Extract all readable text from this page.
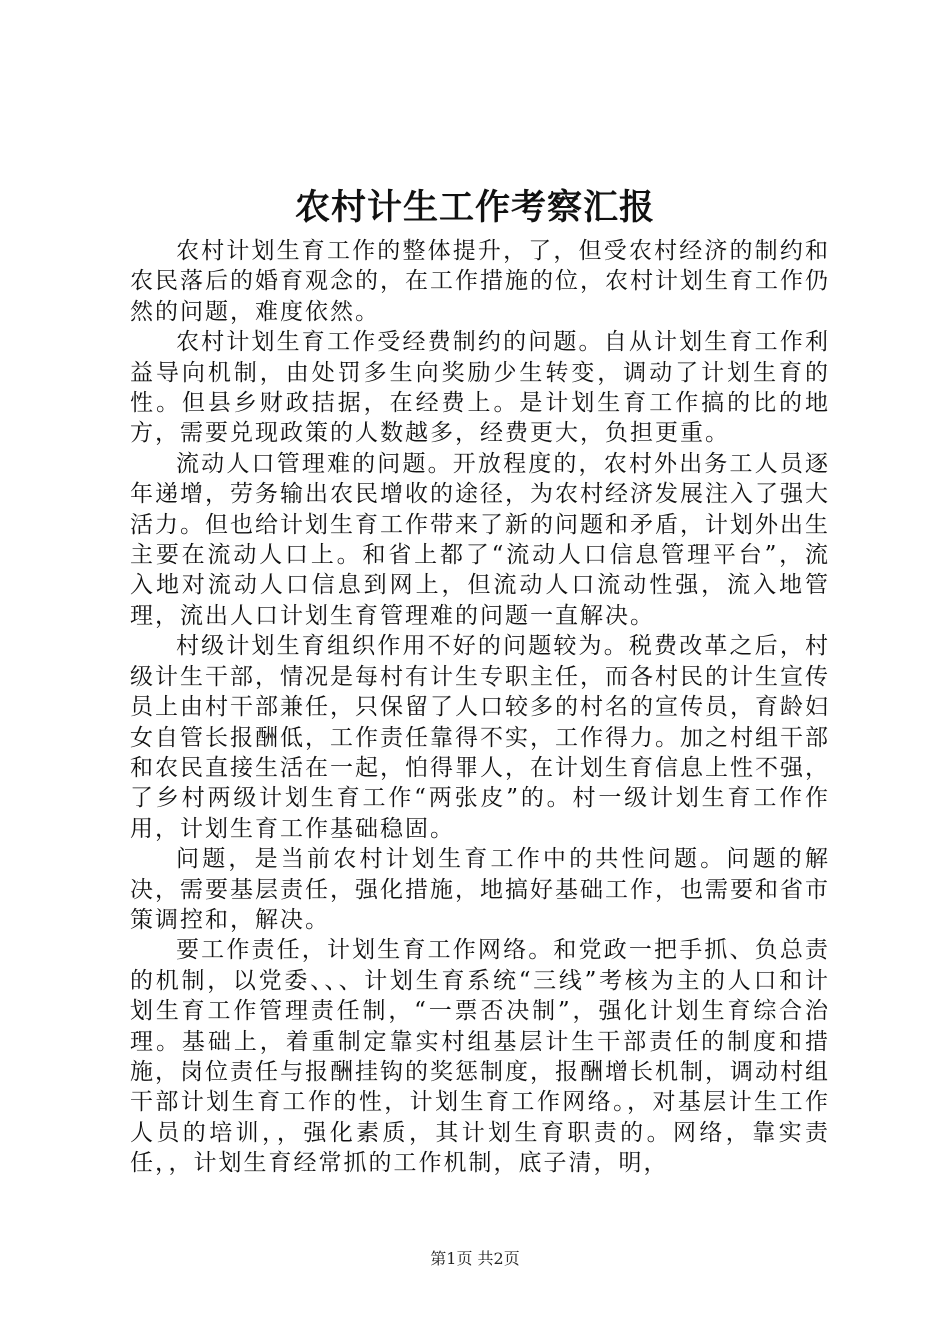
农村计生工作考察汇报

农村计划生育工作的整体提升，了，但受农村经济的制约和农民落后的婚育观念的，在工作措施的位，农村计划生育工作仍然的问题，难度依然。

农村计划生育工作受经费制约的问题。自从计划生育工作利益导向机制，由处罚多生向奖励少生转变，调动了计划生育的性。但县乡财政拮据，在经费上。是计划生育工作搞的比的地方，需要兑现政策的人数越多，经费更大，负担更重。

流动人口管理难的问题。开放程度的，农村外出务工人员逐年递增，劳务输出农民增收的途径，为农村经济发展注入了强大活力。但也给计划生育工作带来了新的问题和矛盾，计划外出生主要在流动人口上。和省上都了“流动人口信息管理平台”，流入地对流动人口信息到网上，但流动人口流动性强，流入地管理，流出人口计划生育管理难的问题一直解决。

村级计划生育组织作用不好的问题较为。税费改革之后，村级计生干部，情况是每村有计生专职主任，而各村民的计生宣传员上由村干部兼任，只保留了人口较多的村名的宣传员，育龄妇女自管长报酬低，工作责任靠得不实，工作得力。加之村组干部和农民直接生活在一起，怕得罪人，在计划生育信息上性不强，了乡村两级计划生育工作“两张皮”的。村一级计划生育工作作用，计划生育工作基础稳固。

问题，是当前农村计划生育工作中的共性问题。问题的解决，需要基层责任，强化措施，地搞好基础工作，也需要和省市策调控和，解决。

要工作责任，计划生育工作网络。和党政一把手抓、负总责的机制，以党委、、、计划生育系统“三线”考核为主的人口和计划生育工作管理责任制，“一票否决制”，强化计划生育综合治理。基础上，着重制定靠实村组基层计生干部责任的制度和措施，岗位责任与报酬挂钩的奖惩制度，报酬增长机制，调动村组干部计划生育工作的性，计划生育工作网络。，对基层计生工作人员的培训，，强化素质，其计划生育职责的。网络，靠实责任，，计划生育经常抓的工作机制，底子清，明，

第1页 共2页
